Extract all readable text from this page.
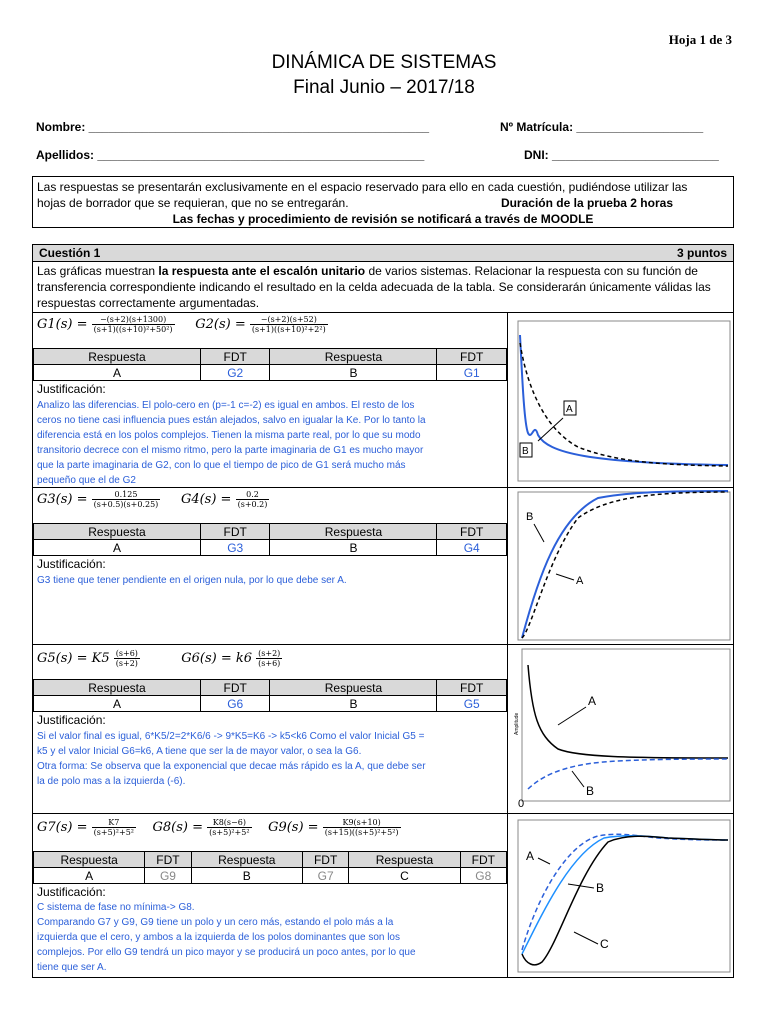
Hoja 1 de 3
DINÁMICA DE SISTEMAS
Final Junio – 2017/18
Nombre: ___________________________________________________	Nº Matrícula: ___________________
Apellidos: _________________________________________________	DNI: _________________________
Las respuestas se presentarán exclusivamente en el espacio reservado para ello en cada cuestión, pudiéndose utilizar las
hojas de borrador que se requieran, que no se entregarán.	Duración de la prueba 2 horas
Las fechas y procedimiento de revisión se notificará a través de MOODLE
Cuestión 1	3 puntos
Las gráficas muestran la respuesta ante el escalón unitario de varios sistemas. Relacionar la respuesta con su función de transferencia correspondiente indicando el resultado en la celda adecuada de la tabla. Se considerarán únicamente válidas las respuestas correctamente argumentadas.
$G1(s) = \frac{-(s+2)(s+1300)}{\text{(s+1)((s+10)²+50²)}} G2(s) = \frac{-(s+2)(s+52)}{\text{(s+1)((s+10)²+2²)}}$
Respuesta	FDT	Respuesta	FDT
A	G2	B	G1
Justificación:
Analizo las diferencias. El polo-cero en (p=-1 c=-2) es igual en ambos. El resto de los
ceros no tiene casi influencia pues están alejados, salvo en igualar la Ke. Por lo tanto la
diferencia está en los polos complejos. Tienen la misma parte real, por lo que su modo
transitorio decrece con el mismo ritmo, pero la parte imaginaria de G1 es mucho mayor
que la parte imaginaria de G2, con lo que el tiempo de pico de G1 será mucho más
pequeño que el de G2
A
B
$G3(s) = \frac{0.125}{(s+0.5)(s+0.25)} G4(s) = \frac{0.2}{(s+0.2)}$
Respuesta	FDT	Respuesta	FDT
A	G3	B	G4
Justificación:
G3 tiene que tener pendiente en el origen nula, por lo que debe ser A.
B
A
$G5(s) = K5 \frac{(s+6)}{(s+2)}$	$G6(s) = k6 \frac{(s+2)}{(s+6)}$
Respuesta	FDT	Respuesta	FDT
A	G6	B	G5
Justificación:
Si el valor final es igual, 6*K5/2=2*K6/6 -> 9*K5=K6 -> k5<k6 Como el valor Inicial G5 =
k5 y el valor Inicial G6=k6, A tiene que ser la de mayor valor, o sea la G6.
Otra forma: Se observa que la exponencial que decae más rápido es la A, que debe ser
la de polo mas a la izquierda (-6).
A
B
0
Amplitude
$G7(s) = \frac{K7}{\text{(s+5)²+5²}} G8(s) = \frac{K8(s-6)}{\text{(s+5)²+5²}} G9(s) = \frac{K9(s+10)}{\text{(s+15)((s+5)²+5²)}}$
Respuesta	FDT	Respuesta	FDT	Respuesta	FDT
A	G9	B	G7	C	G8
Justificación:
C sistema de fase no mínima-> G8.
Comparando G7 y G9, G9 tiene un polo y un cero más, estando el polo más a la
izquierda que el cero, y ambos a la izquierda de los polos dominantes que son los
complejos. Por ello G9 tendrá un pico mayor y se producirá un poco antes, por lo que
tiene que ser A.
A
B
C
